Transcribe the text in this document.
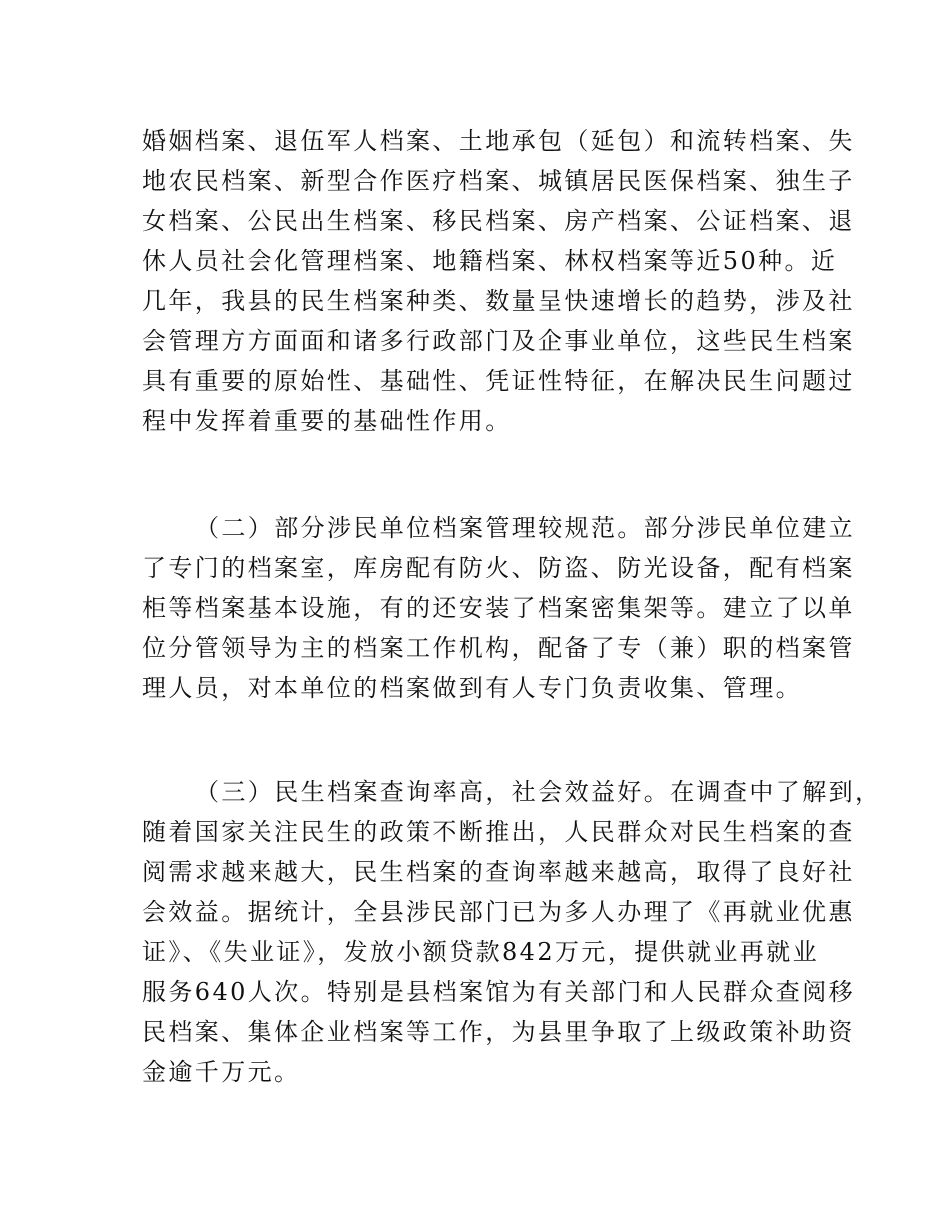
婚姻档案、退伍军人档案、土地承包（延包）和流转档案、失
地农民档案、新型合作医疗档案、城镇居民医保档案、独生子
女档案、公民出生档案、移民档案、房产档案、公证档案、退
休人员社会化管理档案、地籍档案、林权档案等近50种。近
几年，我县的民生档案种类、数量呈快速增长的趋势，涉及社
会管理方方面面和诸多行政部门及企事业单位，这些民生档案
具有重要的原始性、基础性、凭证性特征，在解决民生问题过
程中发挥着重要的基础性作用。
（二）部分涉民单位档案管理较规范。部分涉民单位建立
了专门的档案室，库房配有防火、防盗、防光设备，配有档案
柜等档案基本设施，有的还安装了档案密集架等。建立了以单
位分管领导为主的档案工作机构，配备了专（兼）职的档案管
理人员，对本单位的档案做到有人专门负责收集、管理。
（三）民生档案查询率高，社会效益好。在调查中了解到，
随着国家关注民生的政策不断推出，人民群众对民生档案的查
阅需求越来越大，民生档案的查询率越来越高，取得了良好社
会效益。据统计，全县涉民部门已为多人办理了《再就业优惠
证》、《失业证》，发放小额贷款842万元，提供就业再就业
服务640人次。特别是县档案馆为有关部门和人民群众查阅移
民档案、集体企业档案等工作，为县里争取了上级政策补助资
金逾千万元。
